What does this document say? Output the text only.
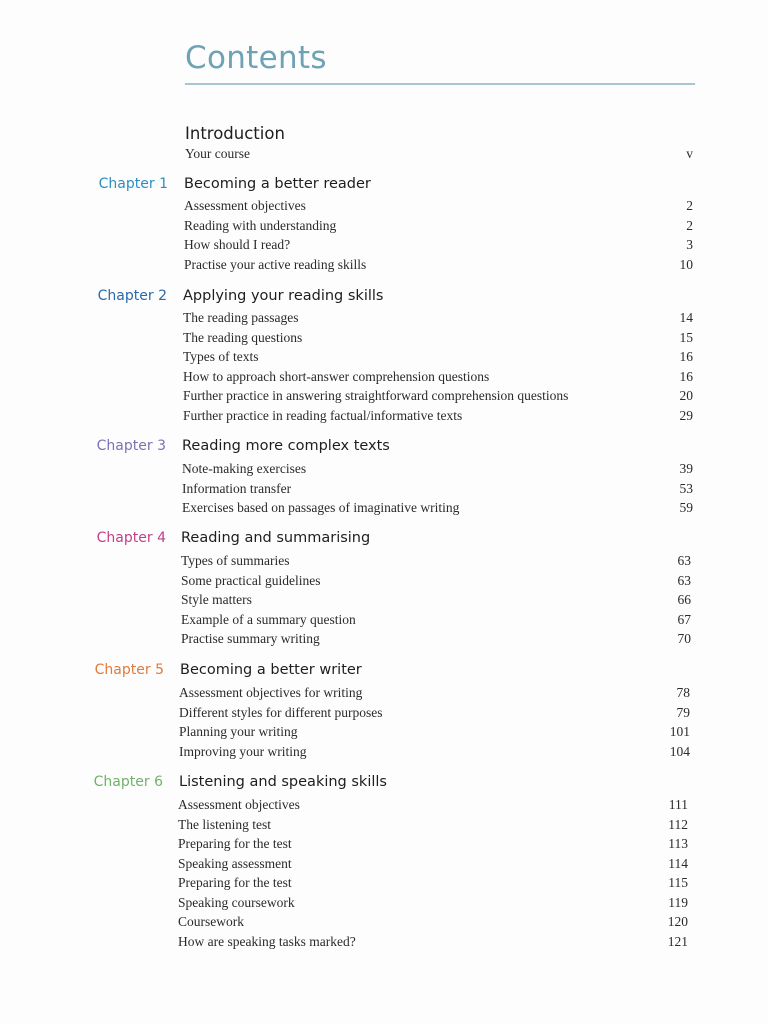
Contents
Introduction
Your course	v
Chapter 1 Becoming a better reader
Assessment objectives	2
Reading with understanding	2
How should I read?	3
Practise your active reading skills	10
Chapter 2 Applying your reading skills
The reading passages	14
The reading questions	15
Types of texts	16
How to approach short-answer comprehension questions	16
Further practice in answering straightforward comprehension questions	20
Further practice in reading factual/informative texts	29
Chapter 3 Reading more complex texts
Note-making exercises	39
Information transfer	53
Exercises based on passages of imaginative writing	59
Chapter 4 Reading and summarising
Types of summaries	63
Some practical guidelines	63
Style matters	66
Example of a summary question	67
Practise summary writing	70
Chapter 5 Becoming a better writer
Assessment objectives for writing	78
Different styles for different purposes	79
Planning your writing	101
Improving your writing	104
Chapter 6 Listening and speaking skills
Assessment objectives	111
The listening test	112
Preparing for the test	113
Speaking assessment	114
Preparing for the test	115
Speaking coursework	119
Coursework	120
How are speaking tasks marked?	121
